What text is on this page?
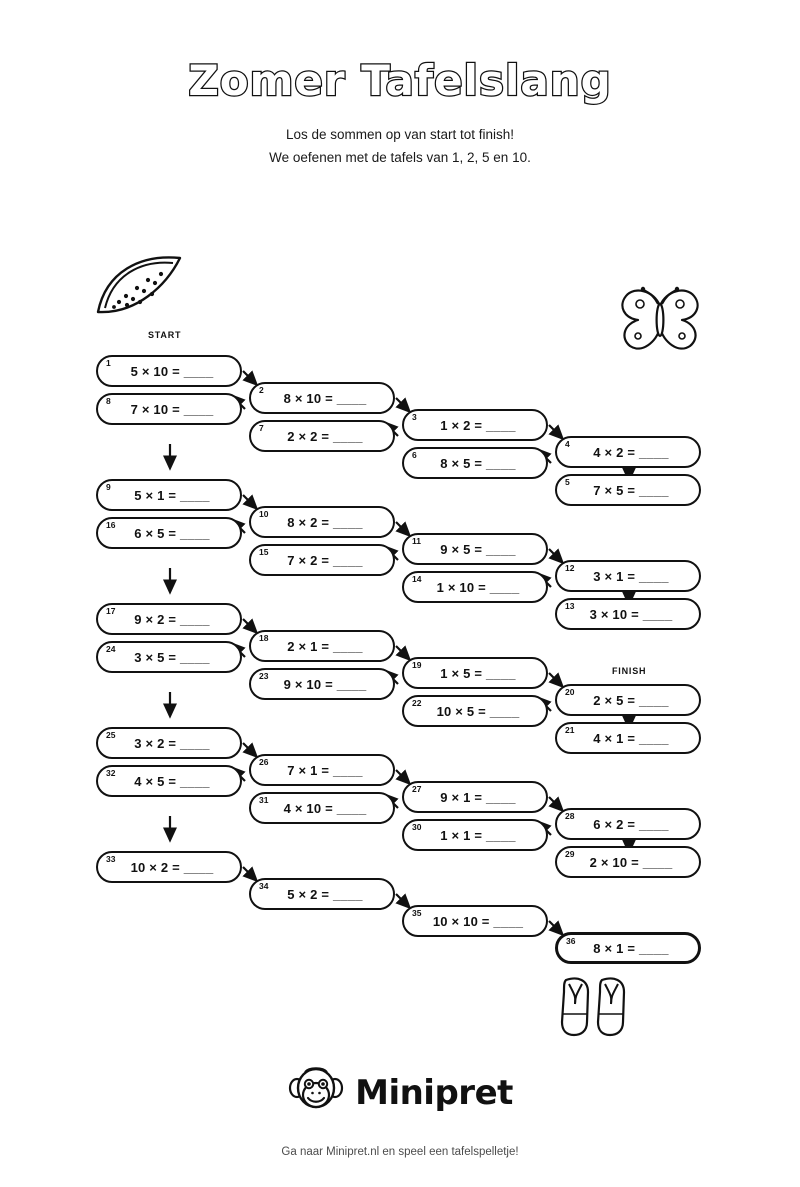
Zomer Tafelslang
Los de sommen op van start tot finish!
We oefenen met de tafels van 1, 2, 5 en 10.
START
FINISH
1
5 × 10 = ____
2
8 × 10 = ____
3
1 × 2 = ____
4
4 × 2 = ____
5
7 × 5 = ____
6
8 × 5 = ____
7
2 × 2 = ____
8
7 × 10 = ____
9
5 × 1 = ____
10
8 × 2 = ____
11
9 × 5 = ____
12
3 × 1 = ____
13
3 × 10 = ____
14
1 × 10 = ____
15
7 × 2 = ____
16
6 × 5 = ____
17
9 × 2 = ____
18
2 × 1 = ____
19
1 × 5 = ____
20
2 × 5 = ____
21
4 × 1 = ____
22
10 × 5 = ____
23
9 × 10 = ____
24
3 × 5 = ____
25
3 × 2 = ____
26
7 × 1 = ____
27
9 × 1 = ____
28
6 × 2 = ____
29
2 × 10 = ____
30
1 × 1 = ____
31
4 × 10 = ____
32
4 × 5 = ____
33
10 × 2 = ____
34
5 × 2 = ____
35
10 × 10 = ____
36	8 × 1 = ____
Minipret
Ga naar Minipret.nl en speel een tafelspelletje!
